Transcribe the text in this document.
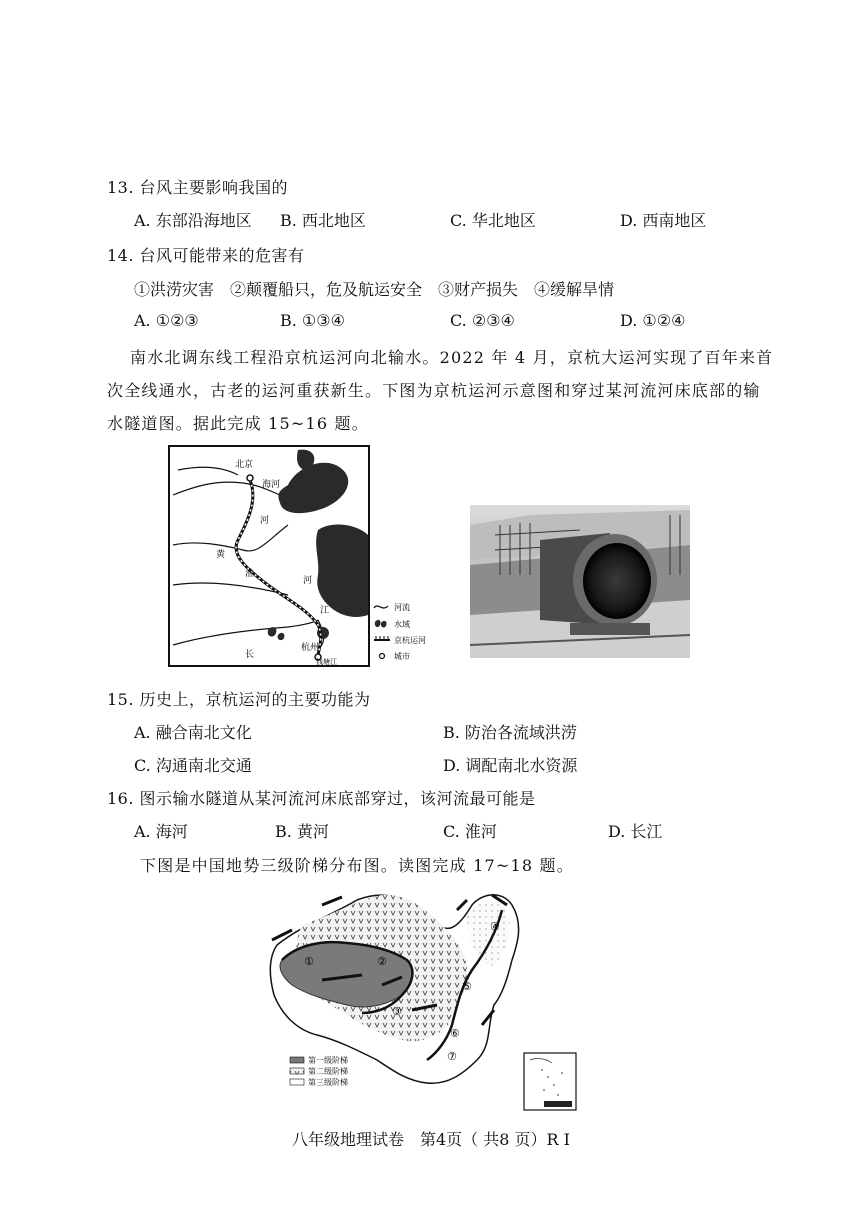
13. 台风主要影响我国的
A. 东部沿海地区 B. 西北地区	C. 华北地区	D. 西南地区
14. 台风可能带来的危害有
①洪涝灾害　②颠覆船只，危及航运安全　③财产损失　④缓解旱情
A. ①②③	B. ①③④	C. ②③④	D. ①②④
南水北调东线工程沿京杭运河向北输水。2022 年 4 月，京杭大运河实现了百年来首
次全线通水，古老的运河重获新生。下图为京杭运河示意图和穿过某河流河床底部的输
水隧道图。据此完成 15~16 题。
北京
海河
河
黄
河
淮
江
长
杭州
钱塘江
河流
水域
京杭运河
城市
15. 历史上，京杭运河的主要功能为
A. 融合南北文化	B. 防治各流域洪涝
C. 沟通南北交通	D. 调配南北水资源
16. 图示输水隧道从某河流河床底部穿过，该河流最可能是
A. 海河	B. 黄河	C. 淮河	D. 长江
下图是中国地势三级阶梯分布图。读图完成 17~18 题。
①	②
③
④
⑤
⑥
⑦
第一级阶梯
第二级阶梯
第三级阶梯
八年级地理试卷　第4页（ 共8 页）R I
